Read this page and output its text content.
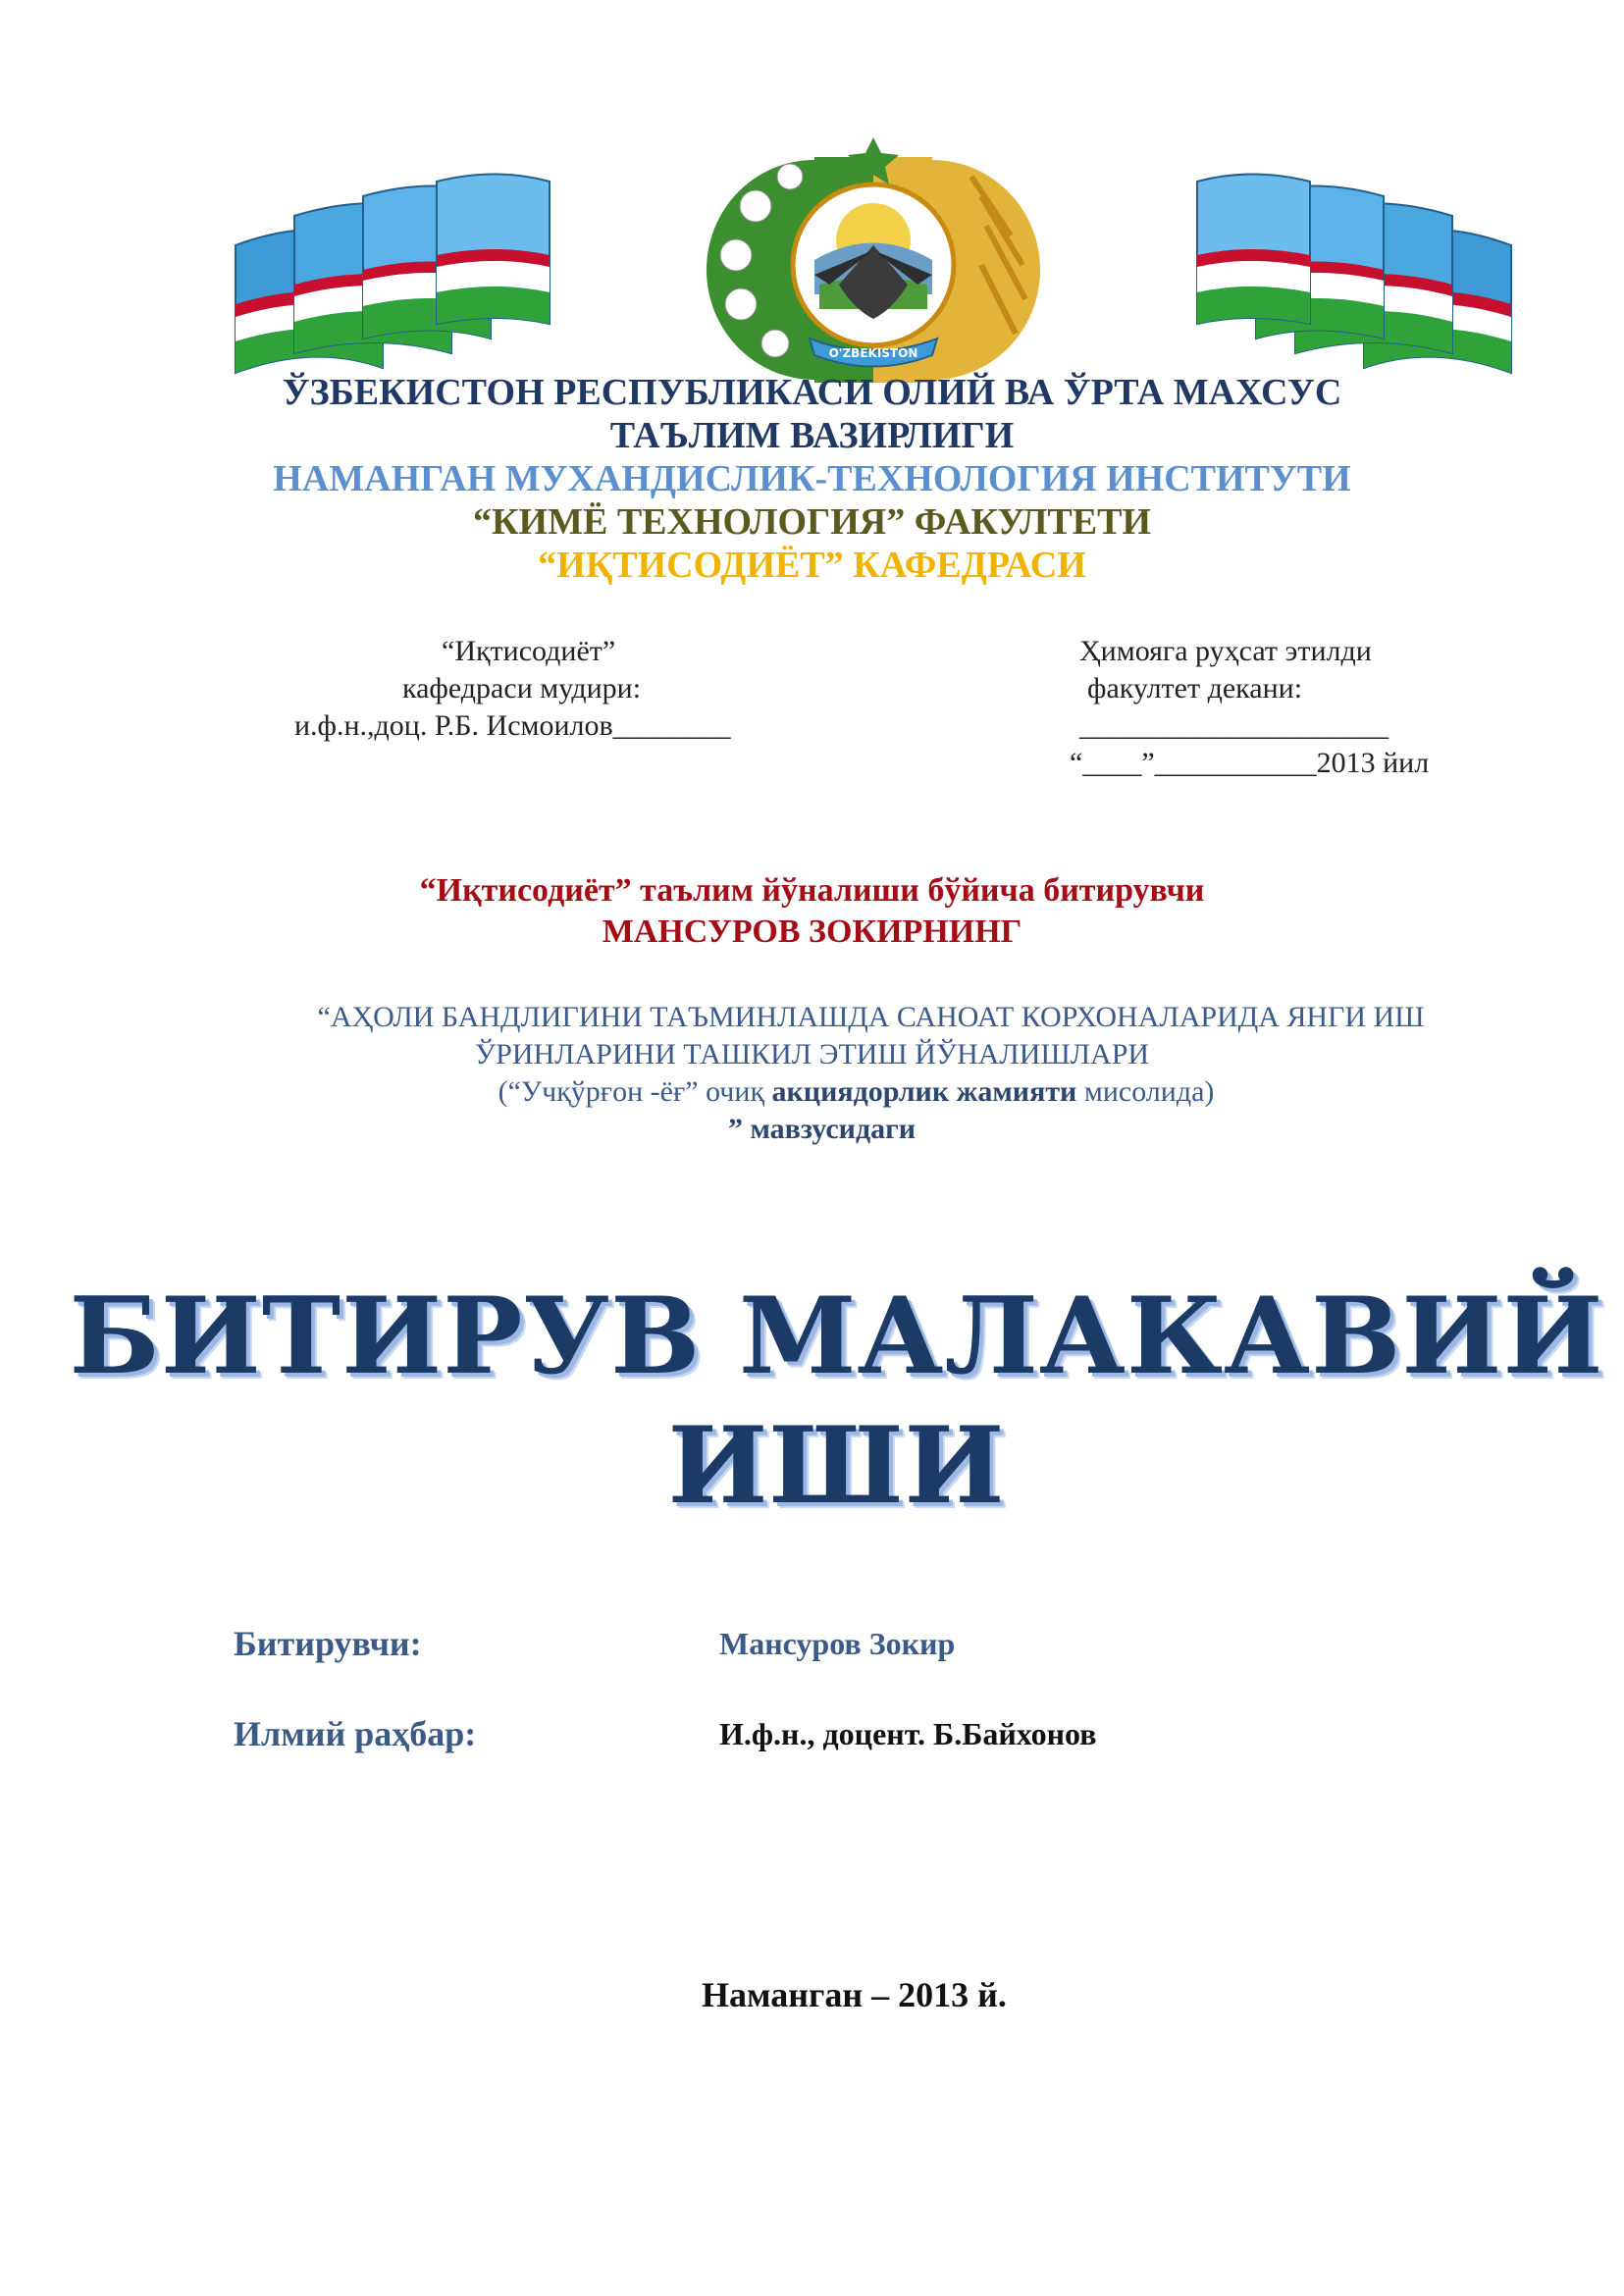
O'ZBEKISTON
ЎЗБЕКИСТОН РЕСПУБЛИКАСИ ОЛИЙ ВА ЎРТА МАХСУС
ТАЪЛИМ ВАЗИРЛИГИ
НАМАНГАН МУХАНДИСЛИК-ТЕХНОЛОГИЯ ИНСТИТУТИ
“КИМЁ ТЕХНОЛОГИЯ” ФАКУЛТЕТИ
“ИҚТИСОДИЁТ” КАФЕДРАСИ
“Иқтисодиёт”
кафедраси мудири:
и.ф.н.,доц. Р.Б. Исмоилов________
Ҳимояга руҳсат этилди
факултет декани:
_____________________
“____”___________2013 йил
“Иқтисодиёт” таълим йўналиши бўйича битирувчи
МАНСУРОВ ЗОКИРНИНГ
“АҲОЛИ БАНДЛИГИНИ ТАЪМИНЛАШДА САНОАТ КОРХОНАЛАРИДА ЯНГИ ИШ
ЎРИНЛАРИНИ ТАШКИЛ ЭТИШ ЙЎНАЛИШЛАРИ
(“Учқўрғон -ёғ” очиқ акциядорлик жамияти мисолида)
” мавзусидаги
БИТИРУВ МАЛАКАВИЙ
ИШИ
Битирувчи:	Мансуров Зокир
Илмий раҳбар:	И.ф.н., доцент. Б.Байхонов
Наманган – 2013 й.
